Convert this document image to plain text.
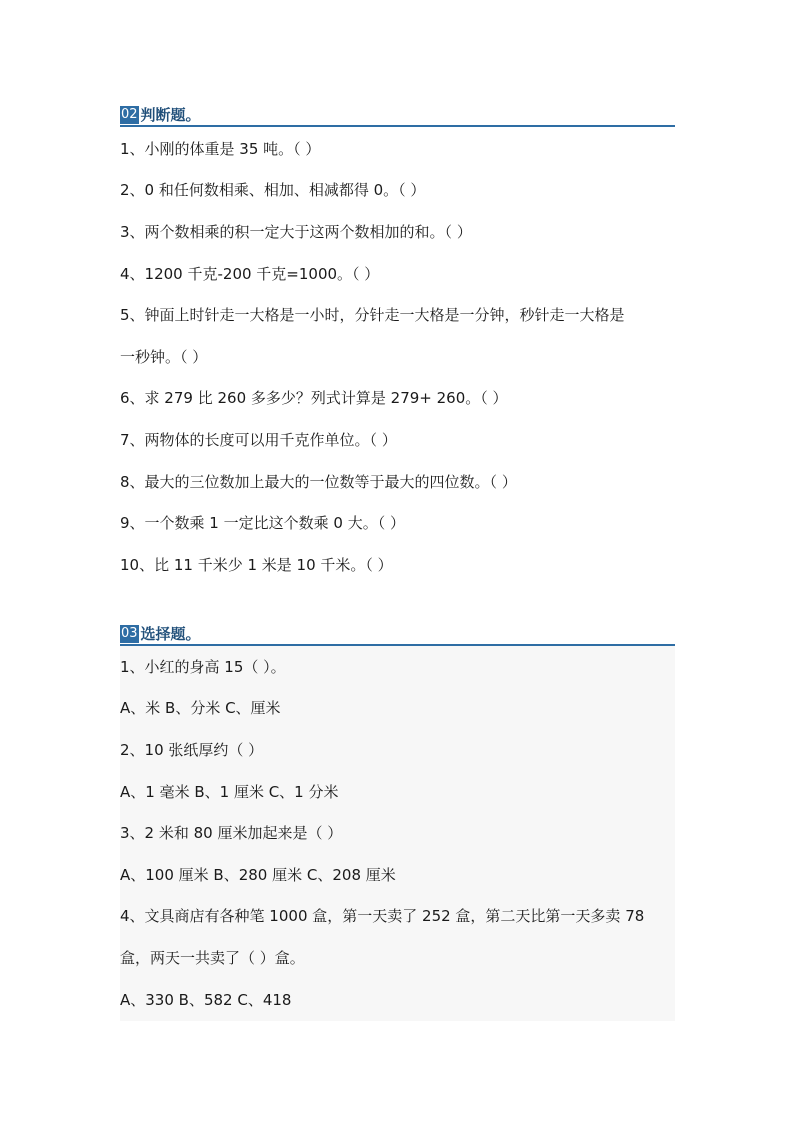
02 判断题。
1、小刚的体重是 35 吨。（ ）
2、0 和任何数相乘、相加、相减都得 0。（ ）
3、两个数相乘的积一定大于这两个数相加的和。（ ）
4、1200 千克-200 千克=1000。（ ）
5、钟面上时针走一大格是一小时，分针走一大格是一分钟，秒针走一大格是
一秒钟。（ ）
6、求 279 比 260 多多少？列式计算是 279+ 260。（ ）
7、两物体的长度可以用千克作单位。（ ）
8、最大的三位数加上最大的一位数等于最大的四位数。（ ）
9、一个数乘 1 一定比这个数乘 0 大。（ ）
10、比 11 千米少 1 米是 10 千米。（ ）
03 选择题。
1、小红的身高 15（ ）。
A、米 B、分米 C、厘米
2、10 张纸厚约（ ）
A、1 毫米 B、1 厘米 C、1 分米
3、2 米和 80 厘米加起来是（ ）
A、100 厘米 B、280 厘米 C、208 厘米
4、文具商店有各种笔 1000 盒，第一天卖了 252 盒，第二天比第一天多卖 78
盒，两天一共卖了（ ）盒。
A、330 B、582 C、418
